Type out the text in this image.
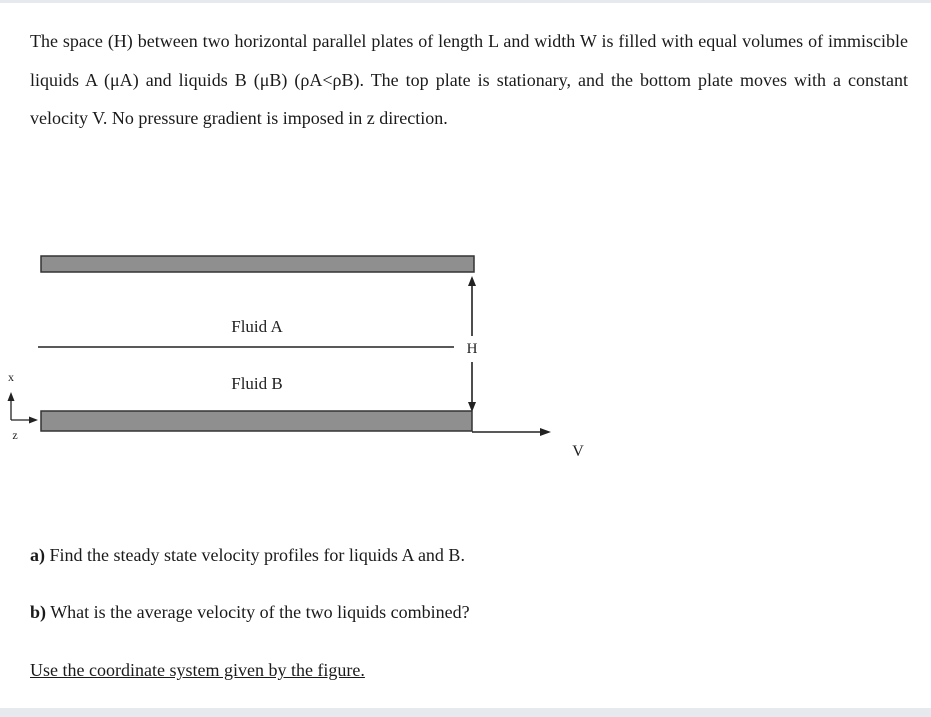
The space (H) between two horizontal parallel plates of length L and width W is filled with equal volumes of immiscible liquids A (μA) and liquids B (μB) (ρA<ρB). The top plate is stationary, and the bottom plate moves with a constant velocity V. No pressure gradient is imposed in z direction.

H
V
Fluid A
Fluid B
x
z

a) Find the steady state velocity profiles for liquids A and B.

b) What is the average velocity of the two liquids combined?

Use the coordinate system given by the figure.
